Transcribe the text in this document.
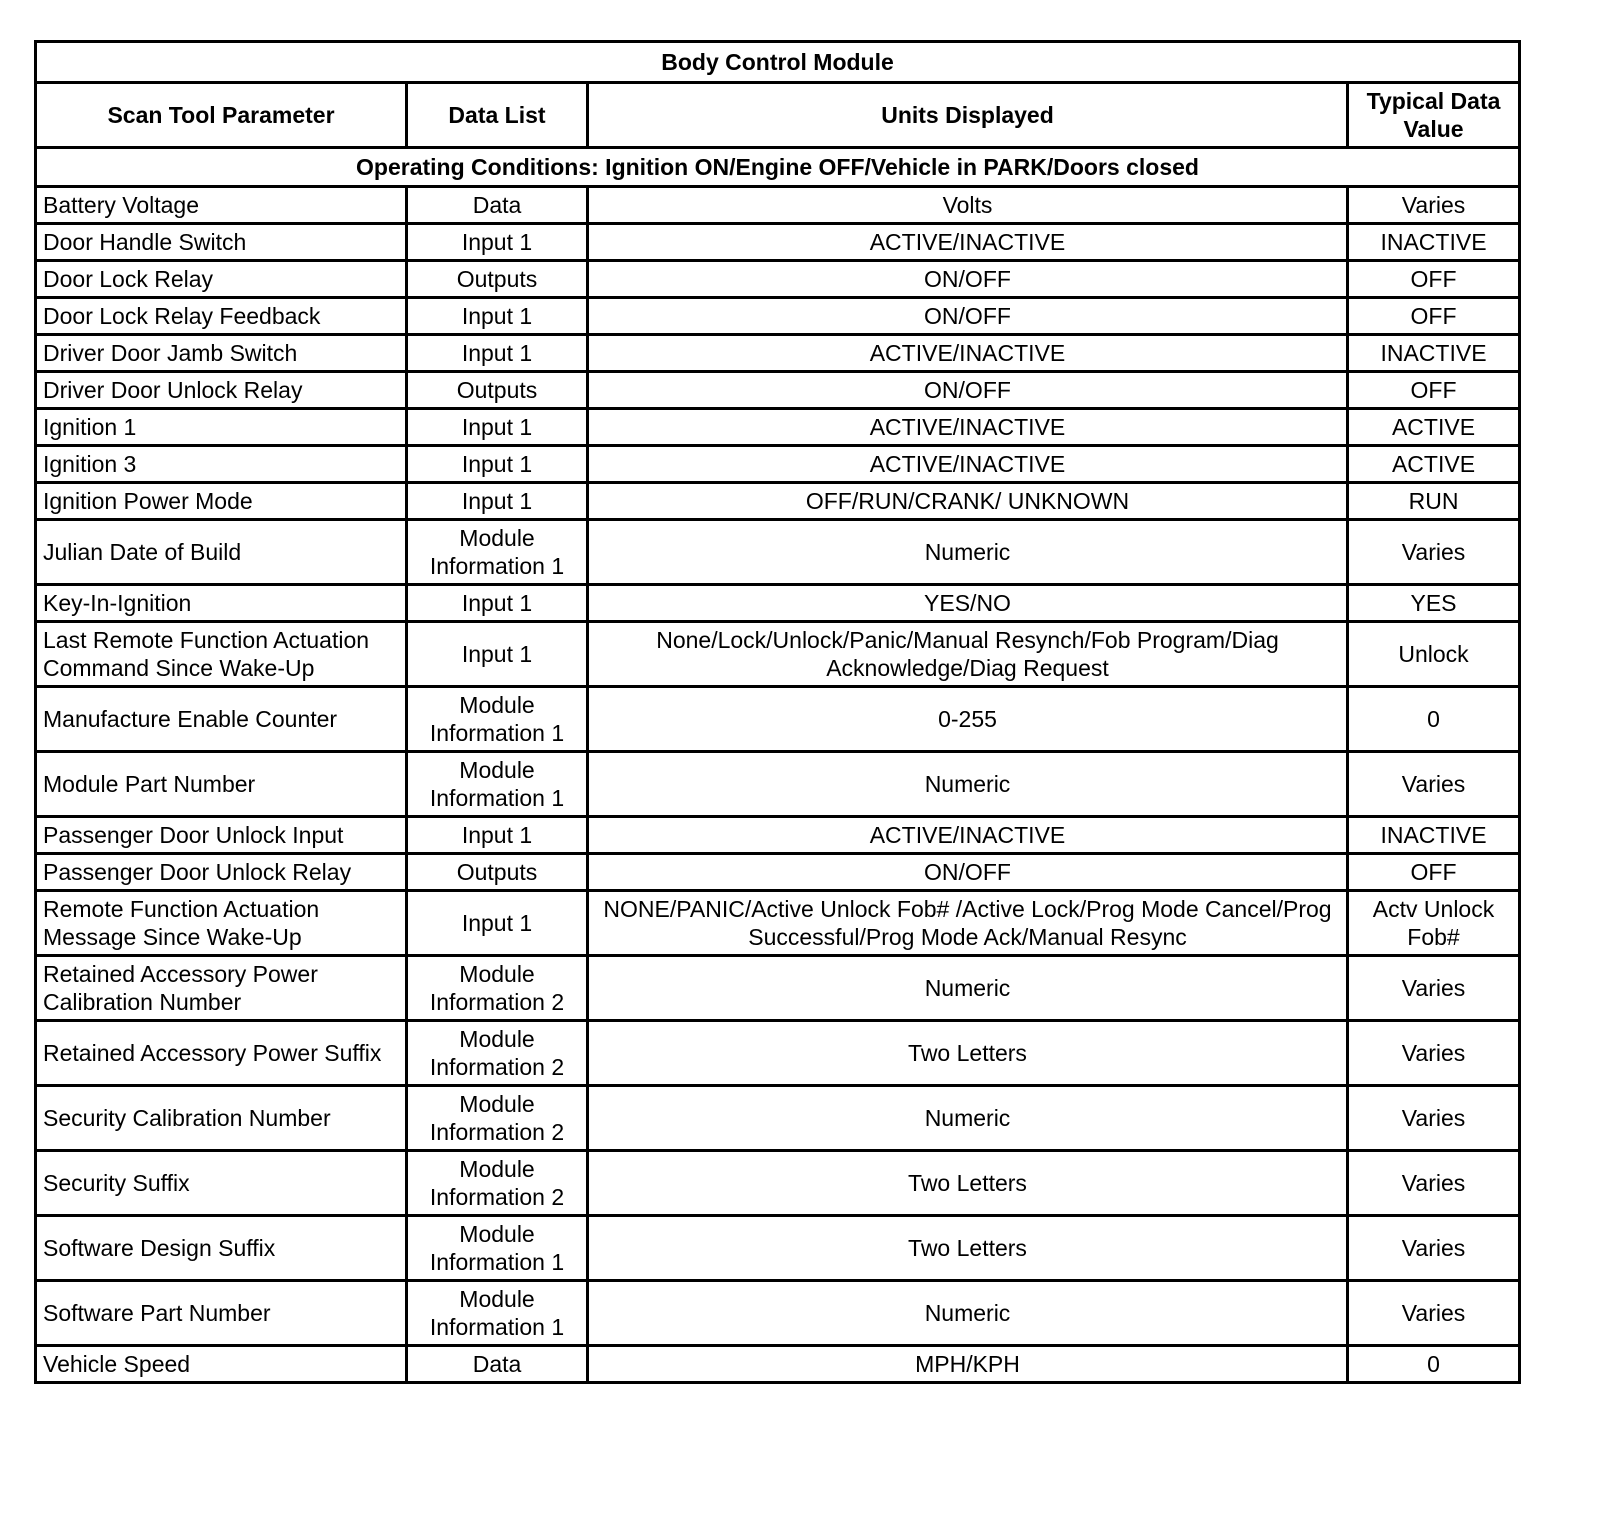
Body Control Module			
Scan Tool Parameter	Data List	Units Displayed	Typical Data Value
Operating Conditions: Ignition ON/Engine OFF/Vehicle in PARK/Doors closed			
Battery Voltage	Data	Volts	Varies
Door Handle Switch	Input 1	ACTIVE/INACTIVE	INACTIVE
Door Lock Relay	Outputs	ON/OFF	OFF
Door Lock Relay Feedback	Input 1	ON/OFF	OFF
Driver Door Jamb Switch	Input 1	ACTIVE/INACTIVE	INACTIVE
Driver Door Unlock Relay	Outputs	ON/OFF	OFF
Ignition 1	Input 1	ACTIVE/INACTIVE	ACTIVE
Ignition 3	Input 1	ACTIVE/INACTIVE	ACTIVE
Ignition Power Mode	Input 1	OFF/RUN/CRANK/ UNKNOWN	RUN
Julian Date of Build	Module Information 1	Numeric	Varies
Key-In-Ignition	Input 1	YES/NO	YES
Last Remote Function Actuation Command Since Wake-Up	Input 1	None/Lock/Unlock/Panic/Manual Resynch/Fob Program/Diag Acknowledge/Diag Request	Unlock
Manufacture Enable Counter	Module Information 1	0-255	0
Module Part Number	Module Information 1	Numeric	Varies
Passenger Door Unlock Input	Input 1	ACTIVE/INACTIVE	INACTIVE
Passenger Door Unlock Relay	Outputs	ON/OFF	OFF
Remote Function Actuation Message Since Wake-Up	Input 1	NONE/PANIC/Active Unlock Fob# /Active Lock/Prog Mode Cancel/Prog Successful/Prog Mode Ack/Manual Resync	Actv Unlock Fob#
Retained Accessory Power Calibration Number	Module Information 2	Numeric	Varies
Retained Accessory Power Suffix	Module Information 2	Two Letters	Varies
Security Calibration Number	Module Information 2	Numeric	Varies
Security Suffix	Module Information 2	Two Letters	Varies
Software Design Suffix	Module Information 1	Two Letters	Varies
Software Part Number	Module Information 1	Numeric	Varies
Vehicle Speed	Data	MPH/KPH	0
